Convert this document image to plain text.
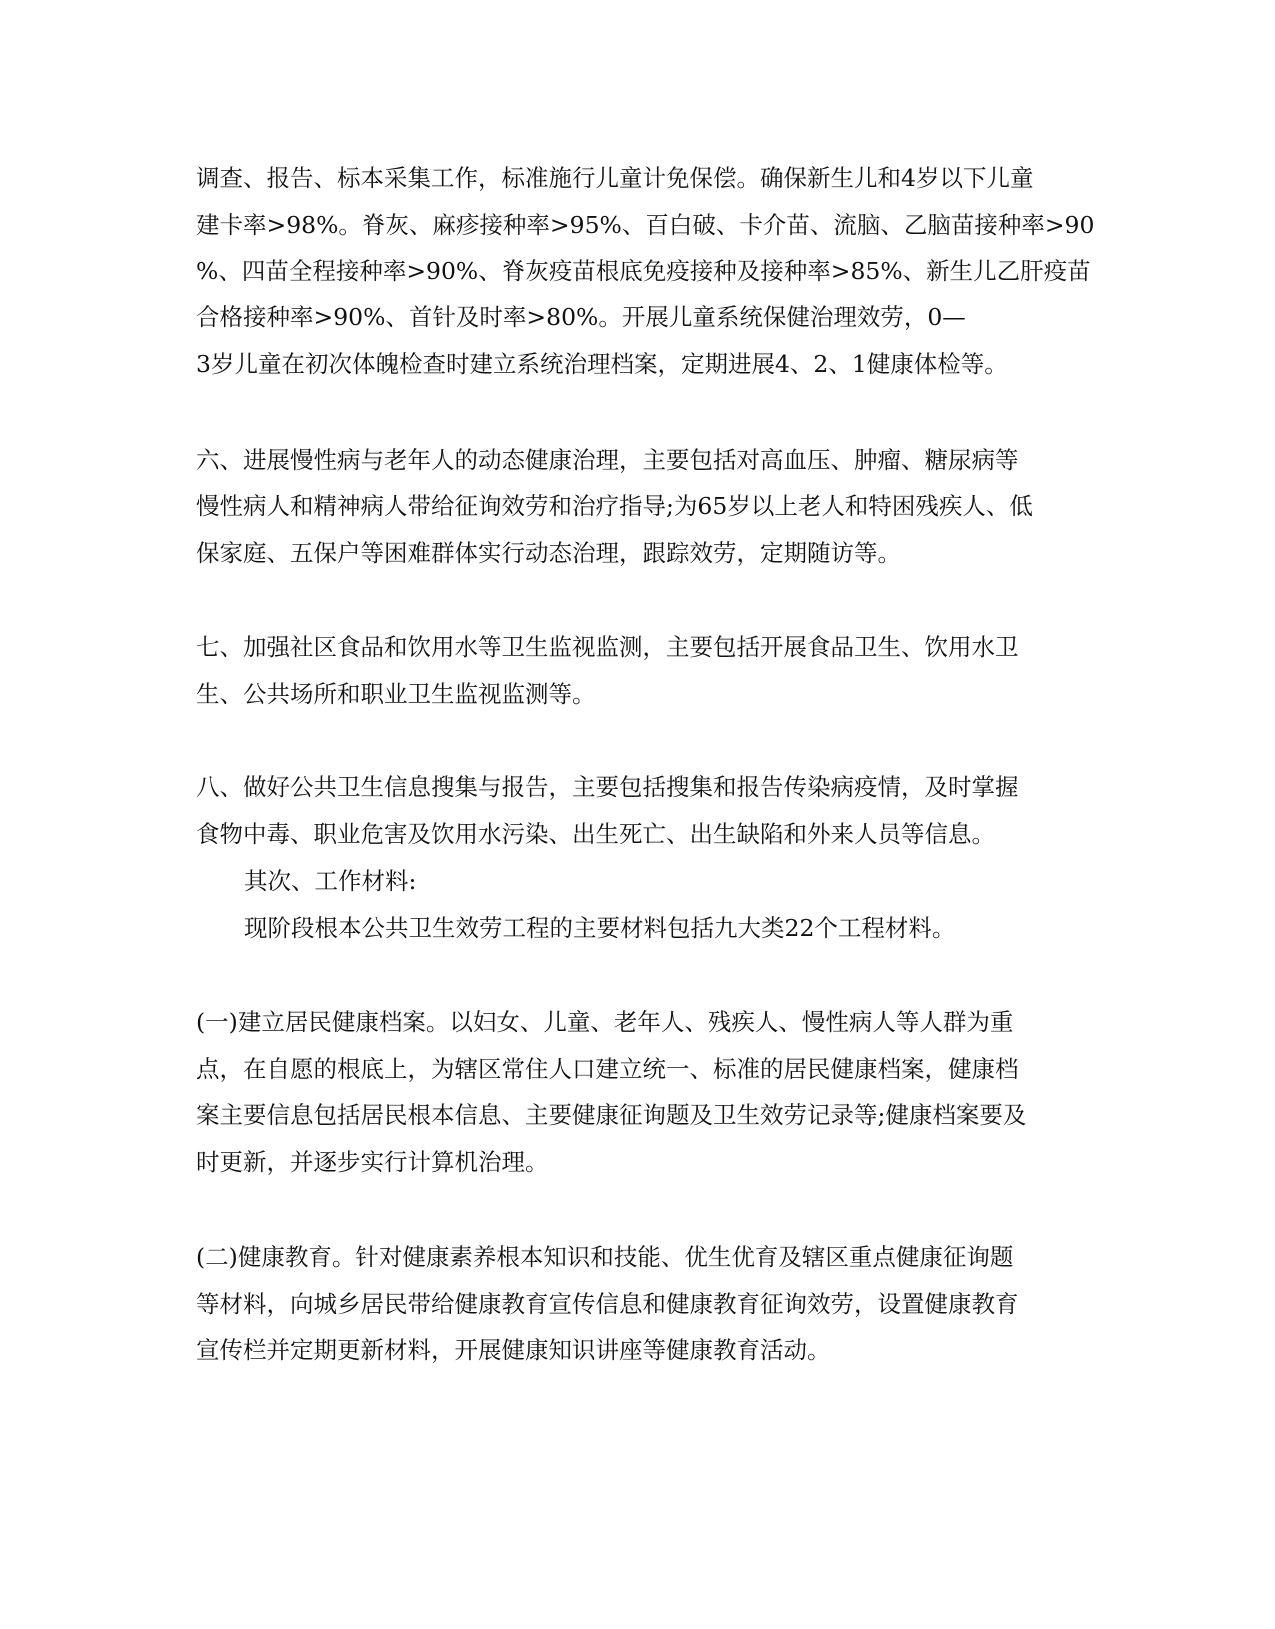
调查、报告、标本采集工作，标准施行儿童计免保偿。确保新生儿和4岁以下儿童

建卡率>98%。脊灰、麻疹接种率>95%、百白破、卡介苗、流脑、乙脑苗接种率>90

%、四苗全程接种率>90%、脊灰疫苗根底免疫接种及接种率>85%、新生儿乙肝疫苗

合格接种率>90%、首针及时率>80%。开展儿童系统保健治理效劳，0—

3岁儿童在初次体魄检查时建立系统治理档案，定期进展4、2、1健康体检等。

六、进展慢性病与老年人的动态健康治理，主要包括对高血压、肿瘤、糖尿病等

慢性病人和精神病人带给征询效劳和治疗指导;为65岁以上老人和特困残疾人、低

保家庭、五保户等困难群体实行动态治理，跟踪效劳，定期随访等。

七、加强社区食品和饮用水等卫生监视监测，主要包括开展食品卫生、饮用水卫

生、公共场所和职业卫生监视监测等。

八、做好公共卫生信息搜集与报告，主要包括搜集和报告传染病疫情，及时掌握

食物中毒、职业危害及饮用水污染、出生死亡、出生缺陷和外来人员等信息。

其次、工作材料:

现阶段根本公共卫生效劳工程的主要材料包括九大类22个工程材料。

(一)建立居民健康档案。以妇女、儿童、老年人、残疾人、慢性病人等人群为重

点，在自愿的根底上，为辖区常住人口建立统一、标准的居民健康档案，健康档

案主要信息包括居民根本信息、主要健康征询题及卫生效劳记录等;健康档案要及

时更新，并逐步实行计算机治理。

(二)健康教育。针对健康素养根本知识和技能、优生优育及辖区重点健康征询题

等材料，向城乡居民带给健康教育宣传信息和健康教育征询效劳，设置健康教育

宣传栏并定期更新材料，开展健康知识讲座等健康教育活动。
